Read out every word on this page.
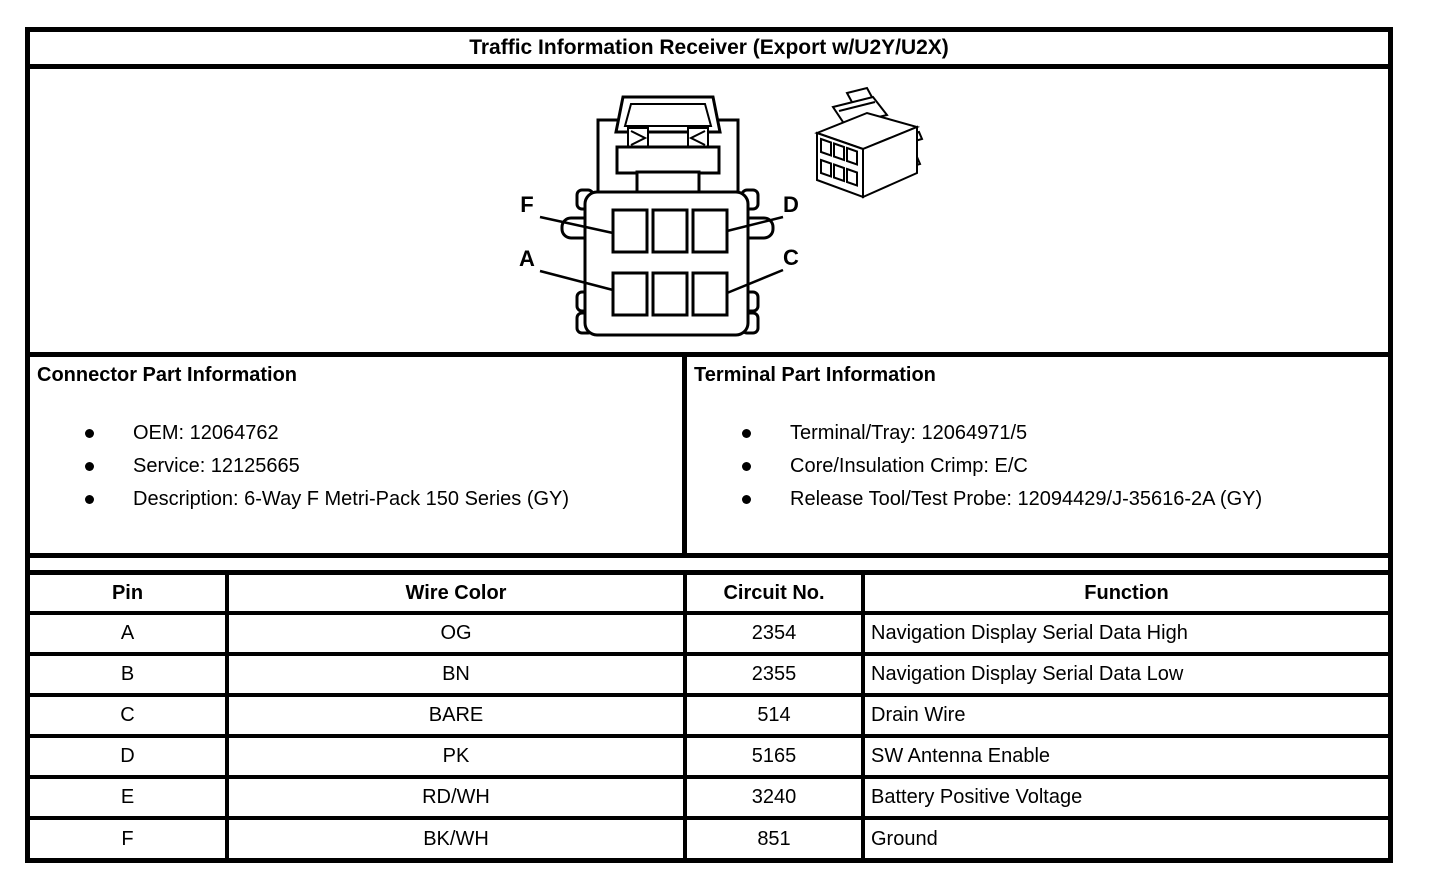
Traffic Information Receiver (Export w/U2Y/U2X)
F	D
A	C
Connector Part Information
OEM: 12064762
Service: 12125665
Description: 6-Way F Metri-Pack 150 Series (GY)
Terminal Part Information
Terminal/Tray: 12064971/5
Core/Insulation Crimp: E/C
Release Tool/Test Probe: 12094429/J-35616-2A (GY)
Pin	Wire Color	Circuit No.	Function
A	OG	2354	Navigation Display Serial Data High
B	BN	2355	Navigation Display Serial Data Low
C	BARE	514	Drain Wire
D	PK	5165	SW Antenna Enable
E	RD/WH	3240	Battery Positive Voltage
F	BK/WH	851	Ground
